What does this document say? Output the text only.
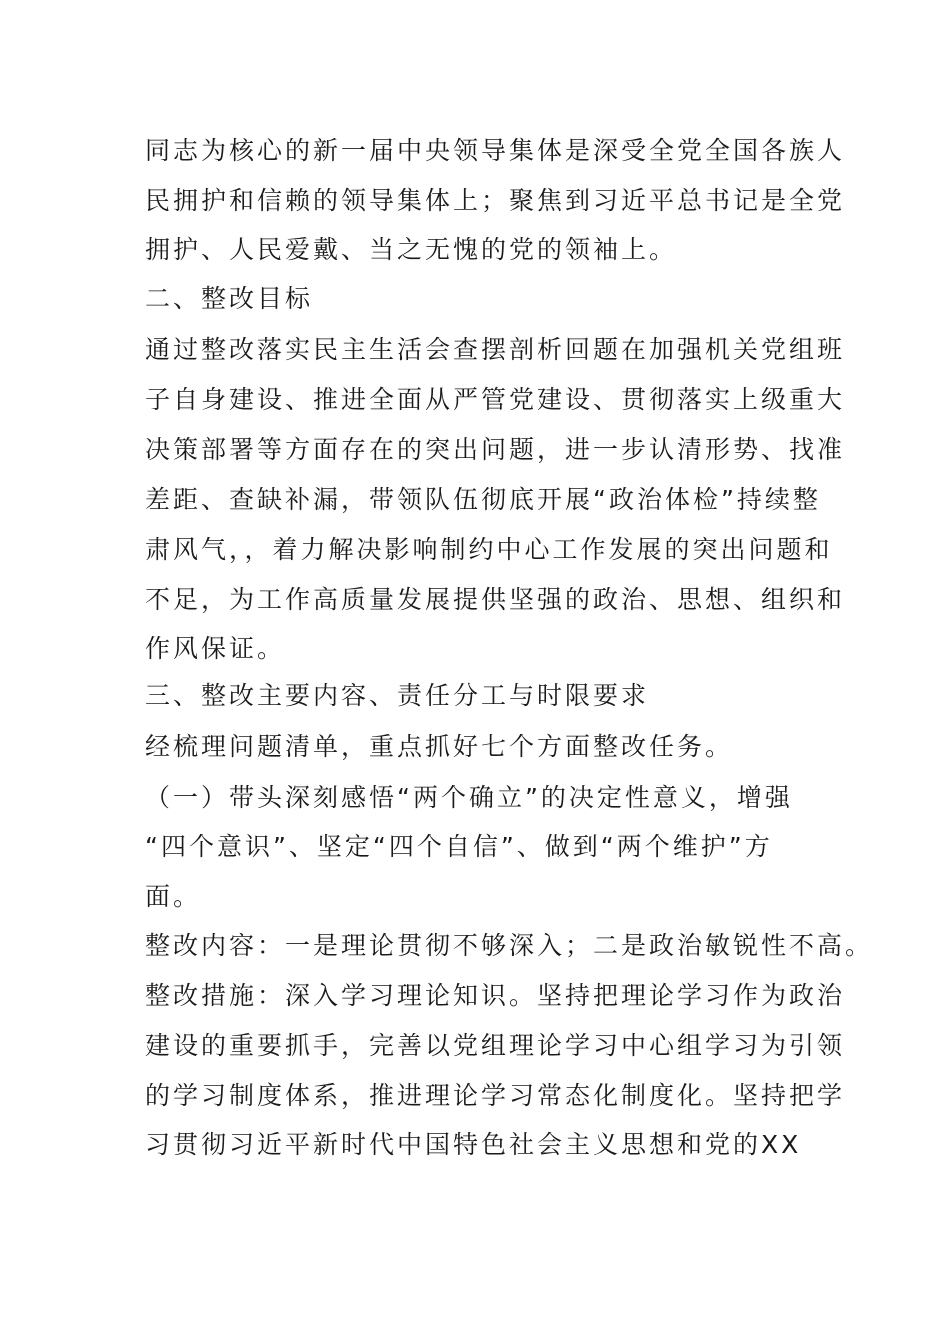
同志为核心的新一届中央领导集体是深受全党全国各族人
民拥护和信赖的领导集体上；聚焦到习近平总书记是全党
拥护、人民爱戴、当之无愧的党的领袖上。
二、整改目标
通过整改落实民主生活会查摆剖析回题在加强机关党组班
子自身建设、推进全面从严管党建设、贯彻落实上级重大
决策部署等方面存在的突出问题，进一步认清形势、找准
差距、查缺补漏，带领队伍彻底开展“政治体检”持续整
肃风气，，着力解决影响制约中心工作发展的突出问题和
不足，为工作高质量发展提供坚强的政治、思想、组织和
作风保证。
三、整改主要内容、责任分工与时限要求
经梳理问题清单，重点抓好七个方面整改任务。
（一）带头深刻感悟“两个确立”的决定性意义，增强
“四个意识”、坚定“四个自信”、做到“两个维护”方
面。
整改内容：一是理论贯彻不够深入；二是政治敏锐性不高。
整改措施：深入学习理论知识。坚持把理论学习作为政治
建设的重要抓手，完善以党组理论学习中心组学习为引领
的学习制度体系，推进理论学习常态化制度化。坚持把学
习贯彻习近平新时代中国特色社会主义思想和党的XX
